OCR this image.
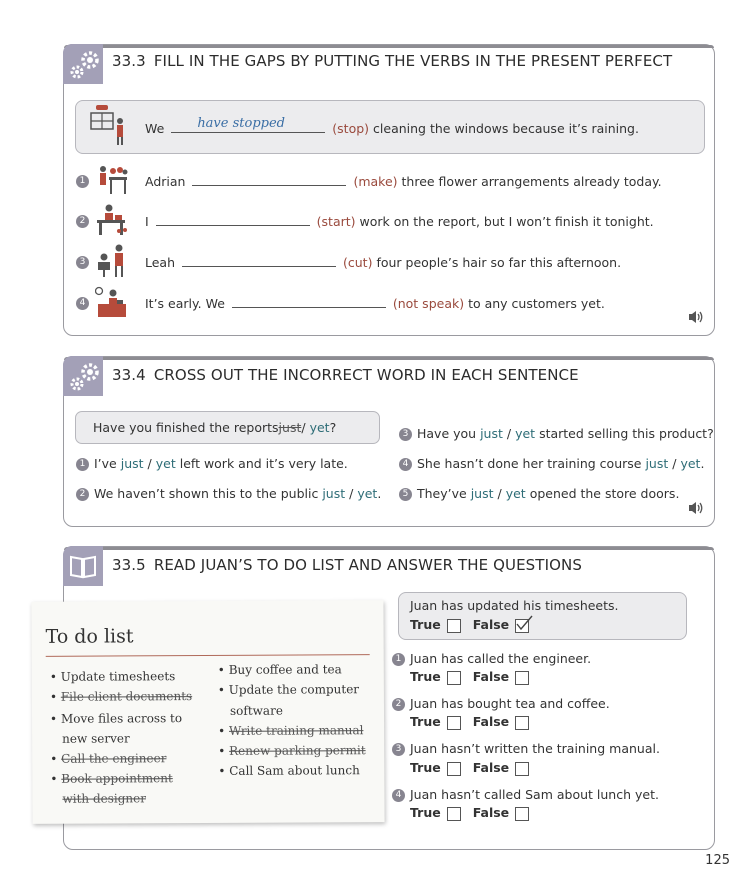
33.3 FILL IN THE GAPS BY PUTTING THE VERBS IN THE PRESENT PERFECT
We	have stopped	(stop) cleaning the windows because it’s raining.
1	Adrian	(make) three flower arrangements already today.
2	I	(start) work on the report, but I won’t finish it tonight.
3	Leah	(cut) four people’s hair so far this afternoon.
4	It’s early. We	(not speak) to any customers yet.
33.4 CROSS OUT THE INCORRECT WORD IN EACH SENTENCE
Have you finished the reportsjust/ yet?
1 I’ve just / yet left work and it’s very late.
2 We haven’t shown this to the public just / yet.
3 Have you just / yet started selling this product?
4 She hasn’t done her training course just / yet.
5 They’ve just / yet opened the store doors.
33.5 READ JUAN’S TO DO LIST AND ANSWER THE QUESTIONS
To do list
• Update timesheets
• File client documents
• Move files across to
new server
• Call the engineer
• Book appointment
with designer
• Buy coffee and tea
• Update the computer
software
• Write training manual
• Renew parking permit
• Call Sam about lunch
Juan has updated his timesheets.
True	False
1 Juan has called the engineer.
True	False
2 Juan has bought tea and coffee.
True	False
3 Juan hasn’t written the training manual.
True	False
4 Juan hasn’t called Sam about lunch yet.
True	False
125
